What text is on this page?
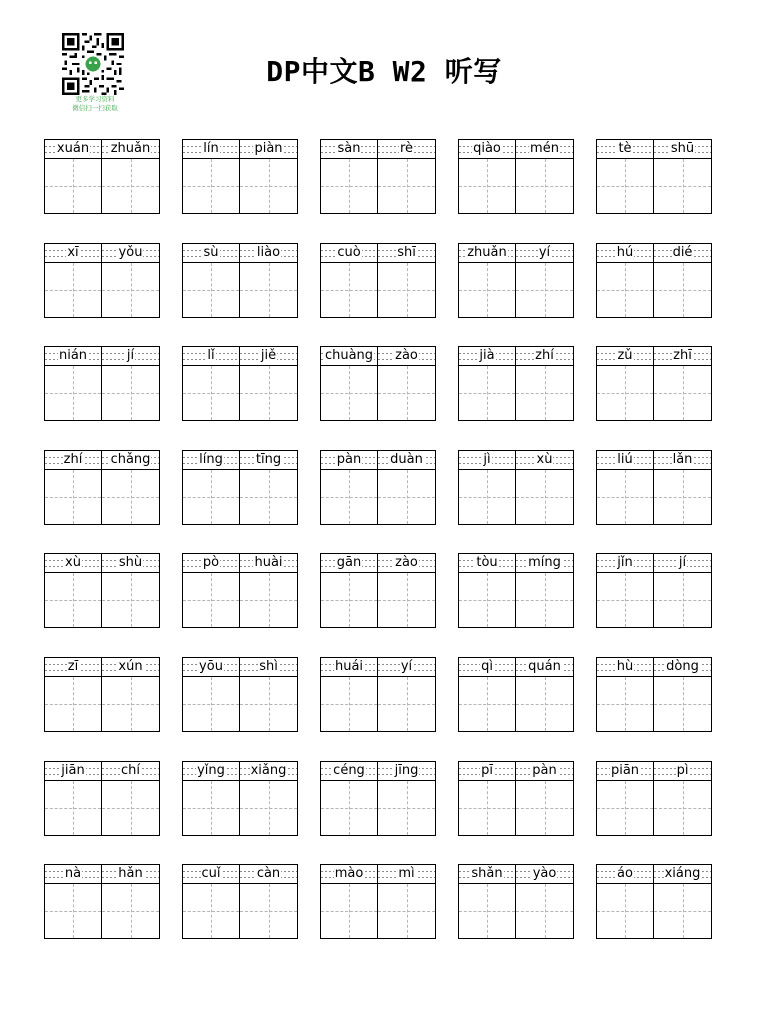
更多学习资料
微信扫一扫获取
DP中文B W2 听写
xuán	zhuǎn	lín	piàn	sàn	rè	qiào	mén	tè	shū
xī	yǒu	sù	liào	cuò	shī	zhuǎn	yí	hú	dié
nián	jí	lǐ	jiě	chuàng	zào	jià	zhí	zǔ	zhī
zhí	chǎng	líng	tīng	pàn	duàn	jì	xù	liú	lǎn
xù	shù	pò	huài	gān	zào	tòu	míng	jǐn	jí
zī	xún	yōu	shì	huái	yí	qì	quán	hù	dòng
jiān	chí	yǐng	xiǎng	céng	jīng	pī	pàn	piān	pì
nà	hǎn	cuǐ	càn	mào	mì	shǎn	yào	áo	xiáng
